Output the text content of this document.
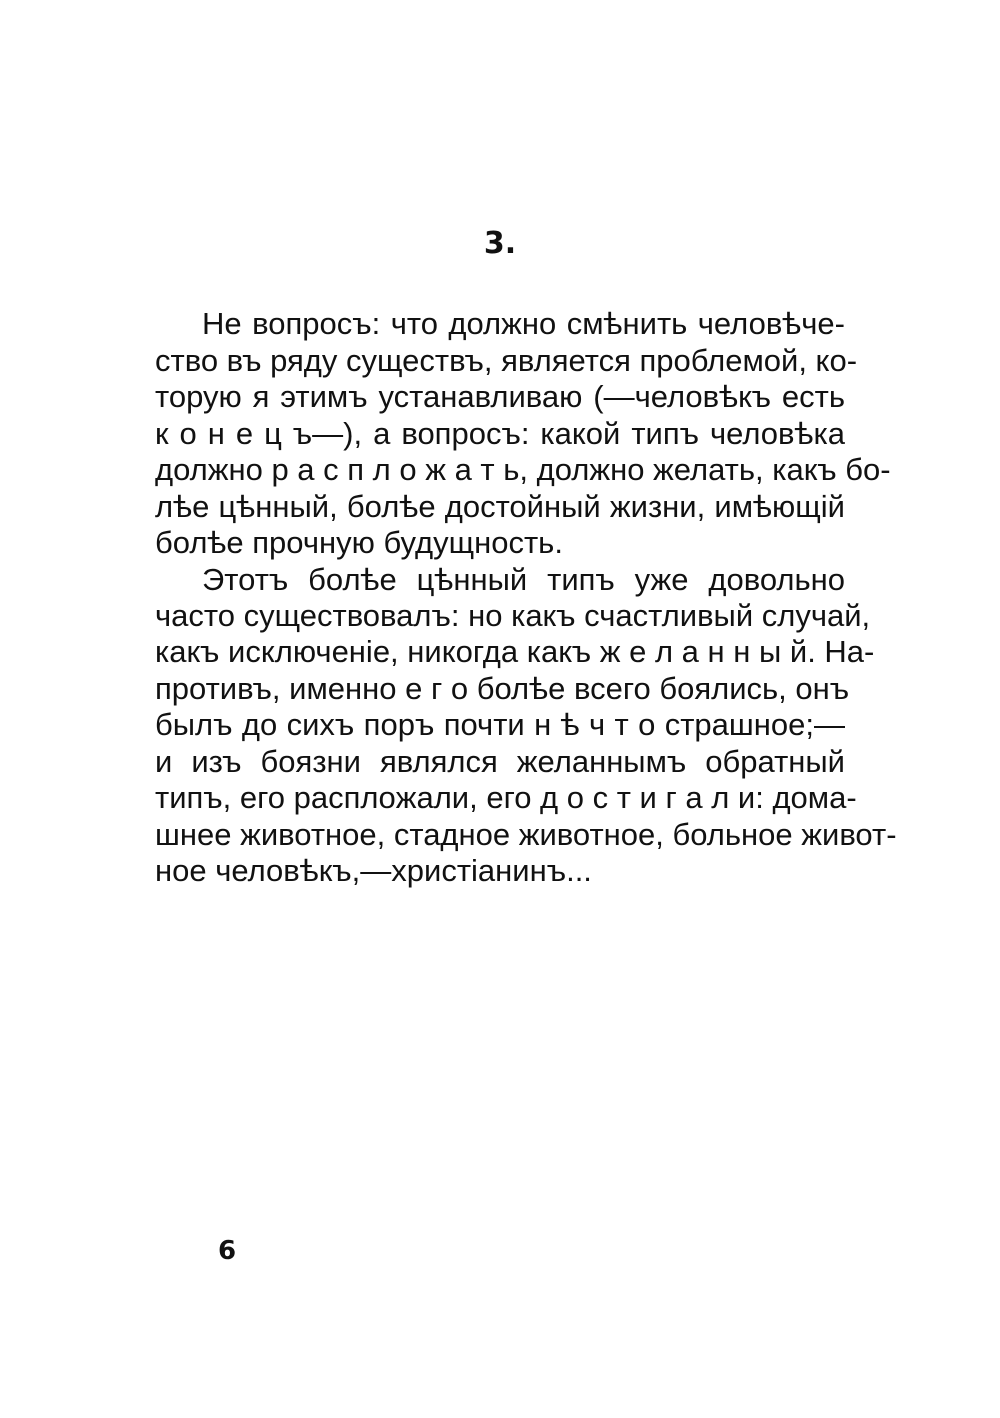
3.
Не вопросъ: что должно смѣнить человѣче-
ство въ ряду существъ, является проблемой, ко-
торую я этимъ устанавливаю (—человѣкъ есть
к о н е ц ъ—), а вопросъ: какой типъ человѣка
должно р а с п л о ж а т ь, должно желать, какъ бо-
лѣе цѣнный, болѣе достойный жизни, имѣющій
болѣе прочную будущность.
Этотъ болѣе цѣнный типъ уже довольно
часто существовалъ: но какъ счастливый случай,
какъ исключенiе, никогда какъ ж е л а н н ы й. На-
противъ, именно е г о болѣе всего боялись, онъ
былъ до сихъ поръ почти н ѣ ч т о страшное;—
и изъ боязни являлся желаннымъ обратный
типъ, его расплoжали, его д о с т и г а л и: дома-
шнее животное, стадное животное, больное живот-
ное человѣкъ,—христiанинъ...
6
